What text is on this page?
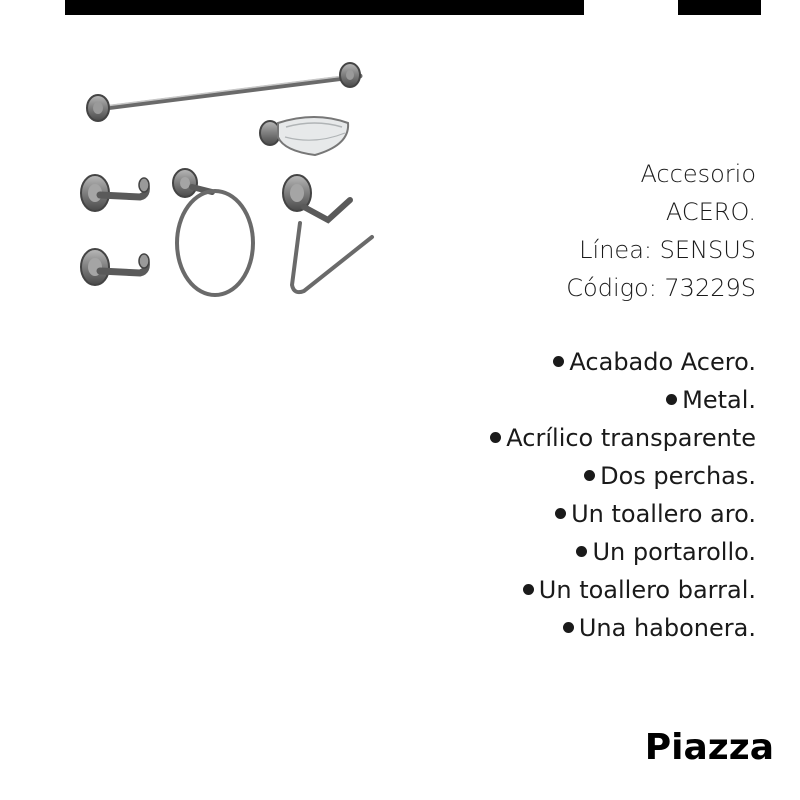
Accesorio
ACERO.
Línea: SENSUS
Código: 73229S
Acabado Acero.
Metal.
Acrílico transparente
Dos perchas.
Un toallero aro.
Un portarollo.
Un toallero barral.
Una habonera.
Piazza
